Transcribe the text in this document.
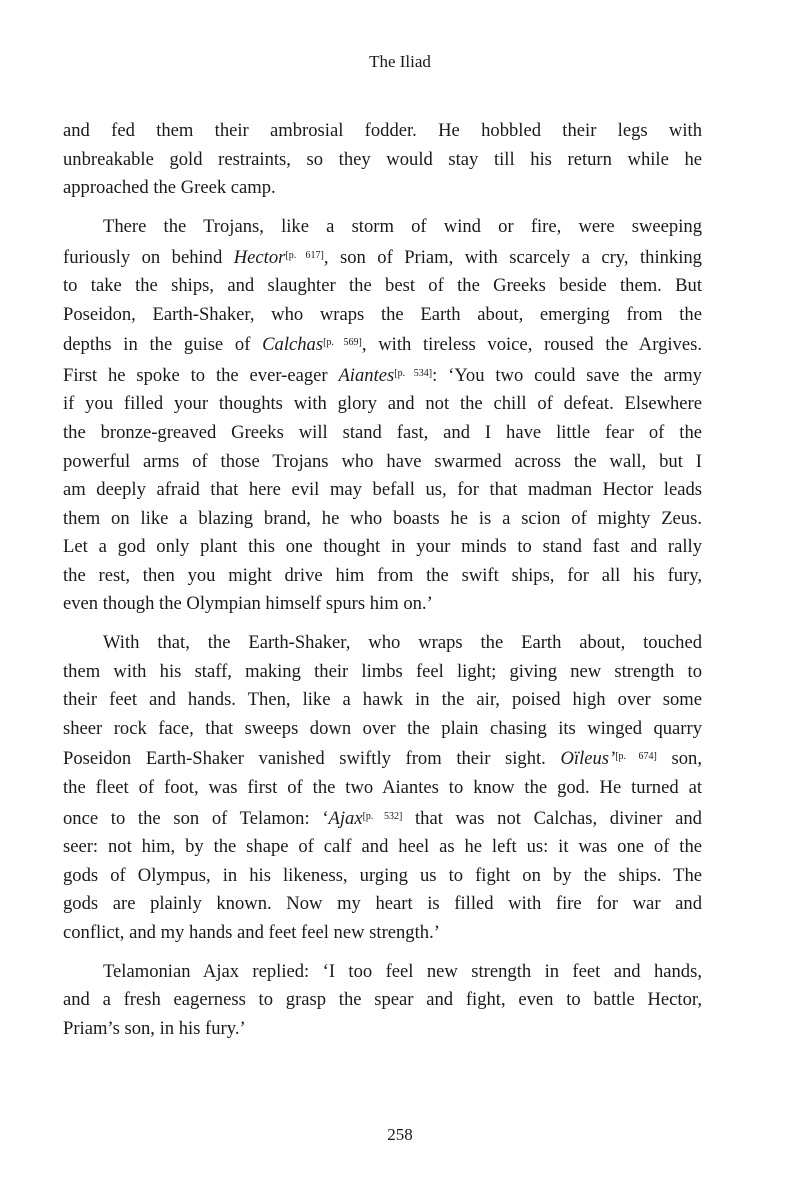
The Iliad
and fed them their ambrosial fodder. He hobbled their legs with
unbreakable gold restraints, so they would stay till his return while he
approached the Greek camp.
There the Trojans, like a storm of wind or fire, were sweeping
furiously on behind Hector[p. 617], son of Priam, with scarcely a cry, thinking
to take the ships, and slaughter the best of the Greeks beside them. But
Poseidon, Earth-Shaker, who wraps the Earth about, emerging from the
depths in the guise of Calchas[p. 569], with tireless voice, roused the Argives.
First he spoke to the ever-eager Aiantes[p. 534]: ‘You two could save the army
if you filled your thoughts with glory and not the chill of defeat. Elsewhere
the bronze-greaved Greeks will stand fast, and I have little fear of the
powerful arms of those Trojans who have swarmed across the wall, but I
am deeply afraid that here evil may befall us, for that madman Hector leads
them on like a blazing brand, he who boasts he is a scion of mighty Zeus.
Let a god only plant this one thought in your minds to stand fast and rally
the rest, then you might drive him from the swift ships, for all his fury,
even though the Olympian himself spurs him on.’
With that, the Earth-Shaker, who wraps the Earth about, touched
them with his staff, making their limbs feel light; giving new strength to
their feet and hands. Then, like a hawk in the air, poised high over some
sheer rock face, that sweeps down over the plain chasing its winged quarry
Poseidon Earth-Shaker vanished swiftly from their sight. Oïleus’[p. 674] son,
the fleet of foot, was first of the two Aiantes to know the god. He turned at
once to the son of Telamon: ‘Ajax[p. 532] that was not Calchas, diviner and
seer: not him, by the shape of calf and heel as he left us: it was one of the
gods of Olympus, in his likeness, urging us to fight on by the ships. The
gods are plainly known. Now my heart is filled with fire for war and
conflict, and my hands and feet feel new strength.’
Telamonian Ajax replied: ‘I too feel new strength in feet and hands,
and a fresh eagerness to grasp the spear and fight, even to battle Hector,
Priam’s son, in his fury.’
258
